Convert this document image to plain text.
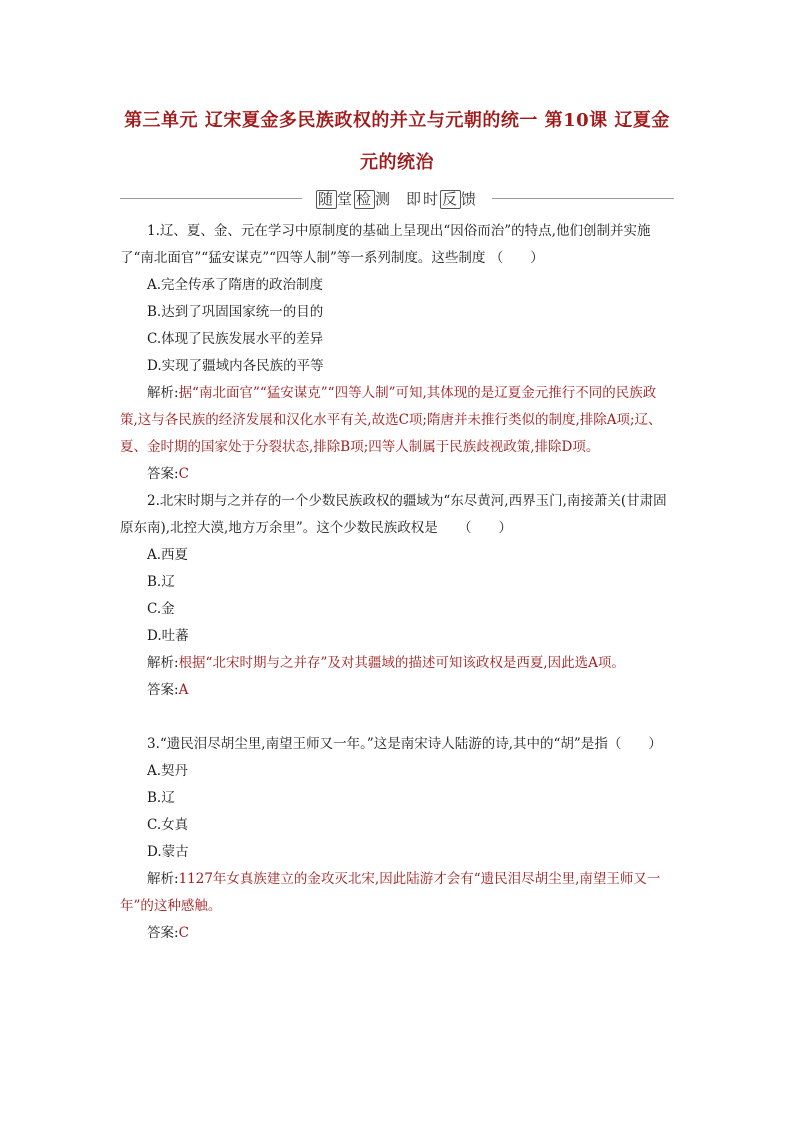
第三单元 辽宋夏金多民族政权的并立与元朝的统一 第10课 辽夏金
元的统治
随 堂 检 测 即时 反 馈

1.辽、夏、金、元在学习中原制度的基础上呈现出“因俗而治”的特点,他们创制并实施了“南北面官”“猛安谋克”“四等人制”等一系列制度。这些制度 （　　）

A.完全传承了隋唐的政治制度

B.达到了巩固国家统一的目的

C.体现了民族发展水平的差异

D.实现了疆域内各民族的平等

解析:据“南北面官”“猛安谋克”“四等人制”可知,其体现的是辽夏金元推行不同的民族政策,这与各民族的经济发展和汉化水平有关,故选C项;隋唐并未推行类似的制度,排除A项;辽、夏、金时期的国家处于分裂状态,排除B项;四等人制属于民族歧视政策,排除D项。

答案:C

2.北宋时期与之并存的一个少数民族政权的疆域为“东尽黄河,西界玉门,南接萧关(甘肃固原东南),北控大漠,地方万余里”。这个少数民族政权是　　（　　）

A.西夏

B.辽

C.金

D.吐蕃

解析:根据“北宋时期与之并存”及对其疆域的描述可知该政权是西夏,因此选A项。

答案:A

3.“遗民泪尽胡尘里,南望王师又一年。”这是南宋诗人陆游的诗,其中的“胡”是指（　　）

A.契丹

B.辽

C.女真

D.蒙古

解析:1127年女真族建立的金攻灭北宋,因此陆游才会有“遗民泪尽胡尘里,南望王师又一年”的这种感触。

答案:C
